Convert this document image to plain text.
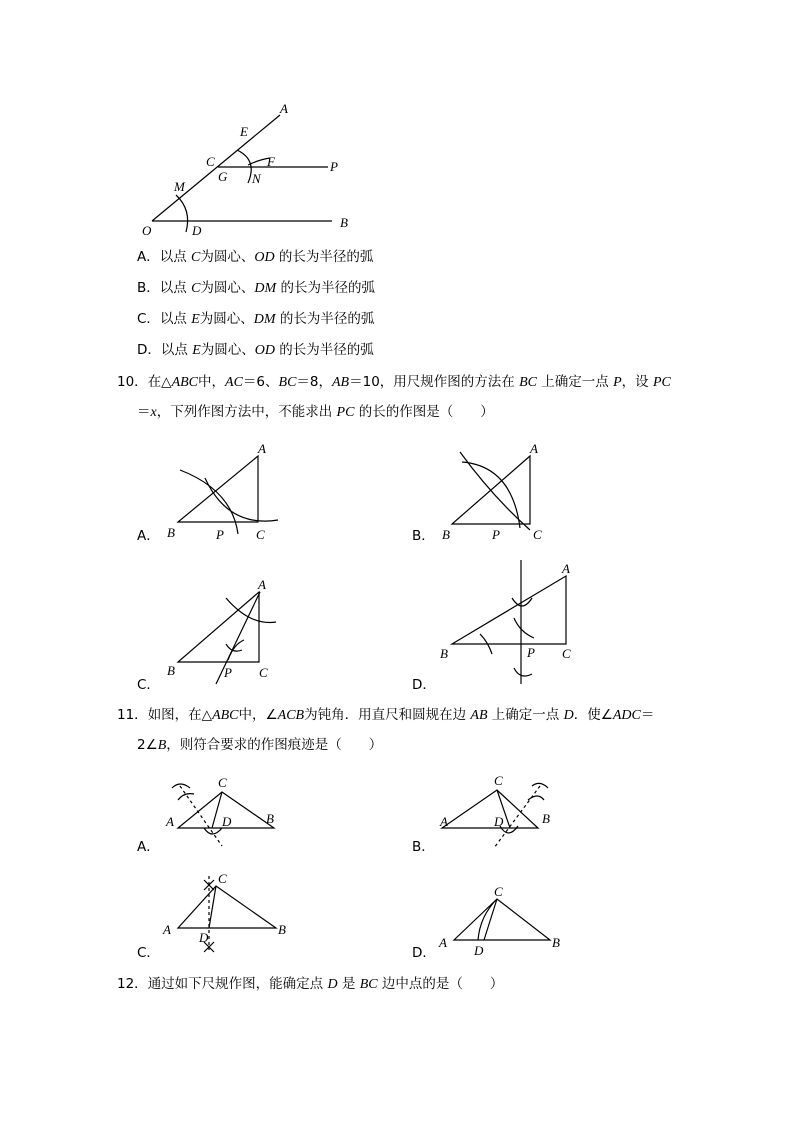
A
E
C	F	P
G N
M
O	D
B
A．以点 C为圆心、OD 的长为半径的弧
B．以点 C为圆心、DM 的长为半径的弧
C．以点 E为圆心、DM 的长为半径的弧
D．以点 E为圆心、OD 的长为半径的弧
10．在△ABC中，AC＝6、BC＝8，AB＝10，用尺规作图的方法在 BC 上确定一点 P，设 PC
＝x，下列作图方法中，不能求出 PC 的长的作图是（　　）
A
B	P C
A．
A
B	P	C
B．
A
B	P C
C．
A
B	P C
D．
11．如图，在△ABC中，∠ACB为钝角．用直尺和圆规在边 AB 上确定一点 D．使∠ADC＝
2∠B，则符合要求的作图痕迹是（　　）
C
A	D	B
A．
C
A	D	B
B．
C
A
D
B
C．
C
A
D
B
D．
12．通过如下尺规作图，能确定点 D 是 BC 边中点的是（　　）
